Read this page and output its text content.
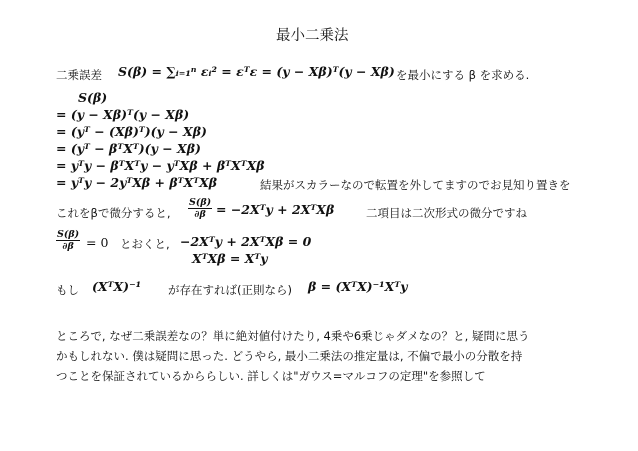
最小二乗法
二乗誤差 S(β) = ∑ᵢ₌₁ⁿ εᵢ² = εᵀε = (y − Xβ)ᵀ(y − Xβ) を最小にする β を求める.
S(β)
= (y − Xβ)ᵀ(y − Xβ)
= (yᵀ − (Xβ)ᵀ)(y − Xβ)
= (yᵀ − βᵀXᵀ)(y − Xβ)
= yᵀy − βᵀXᵀy − yᵀXβ + βᵀXᵀXβ
= yᵀy − 2yᵀXβ + βᵀXᵀXβ	結果がスカラーなので転置を外してますのでお見知り置きを
これをβで微分すると, $\frac{S(\beta)}{\partial\beta}$ = −2Xᵀy + 2XᵀXβ	二項目は二次形式の微分ですね
$\frac{S(\beta)}{\partial\beta} = 0$ とおくと, −2Xᵀy + 2XᵀXβ = 0
XᵀXβ = Xᵀy
もし (XᵀX)⁻¹ が存在すれば(正則なら) β = (XᵀX)⁻¹Xᵀy
ところで, なぜ二乗誤差なの？単に絶対値付けたり, 4乗や6乗じゃダメなの？と, 疑問に思う
かもしれない. 僕は疑問に思った. どうやら, 最小二乗法の推定量は, 不偏で最小の分散を持
つことを保証されているかららしい. 詳しくは"ガウス=マルコフの定理"を参照して
